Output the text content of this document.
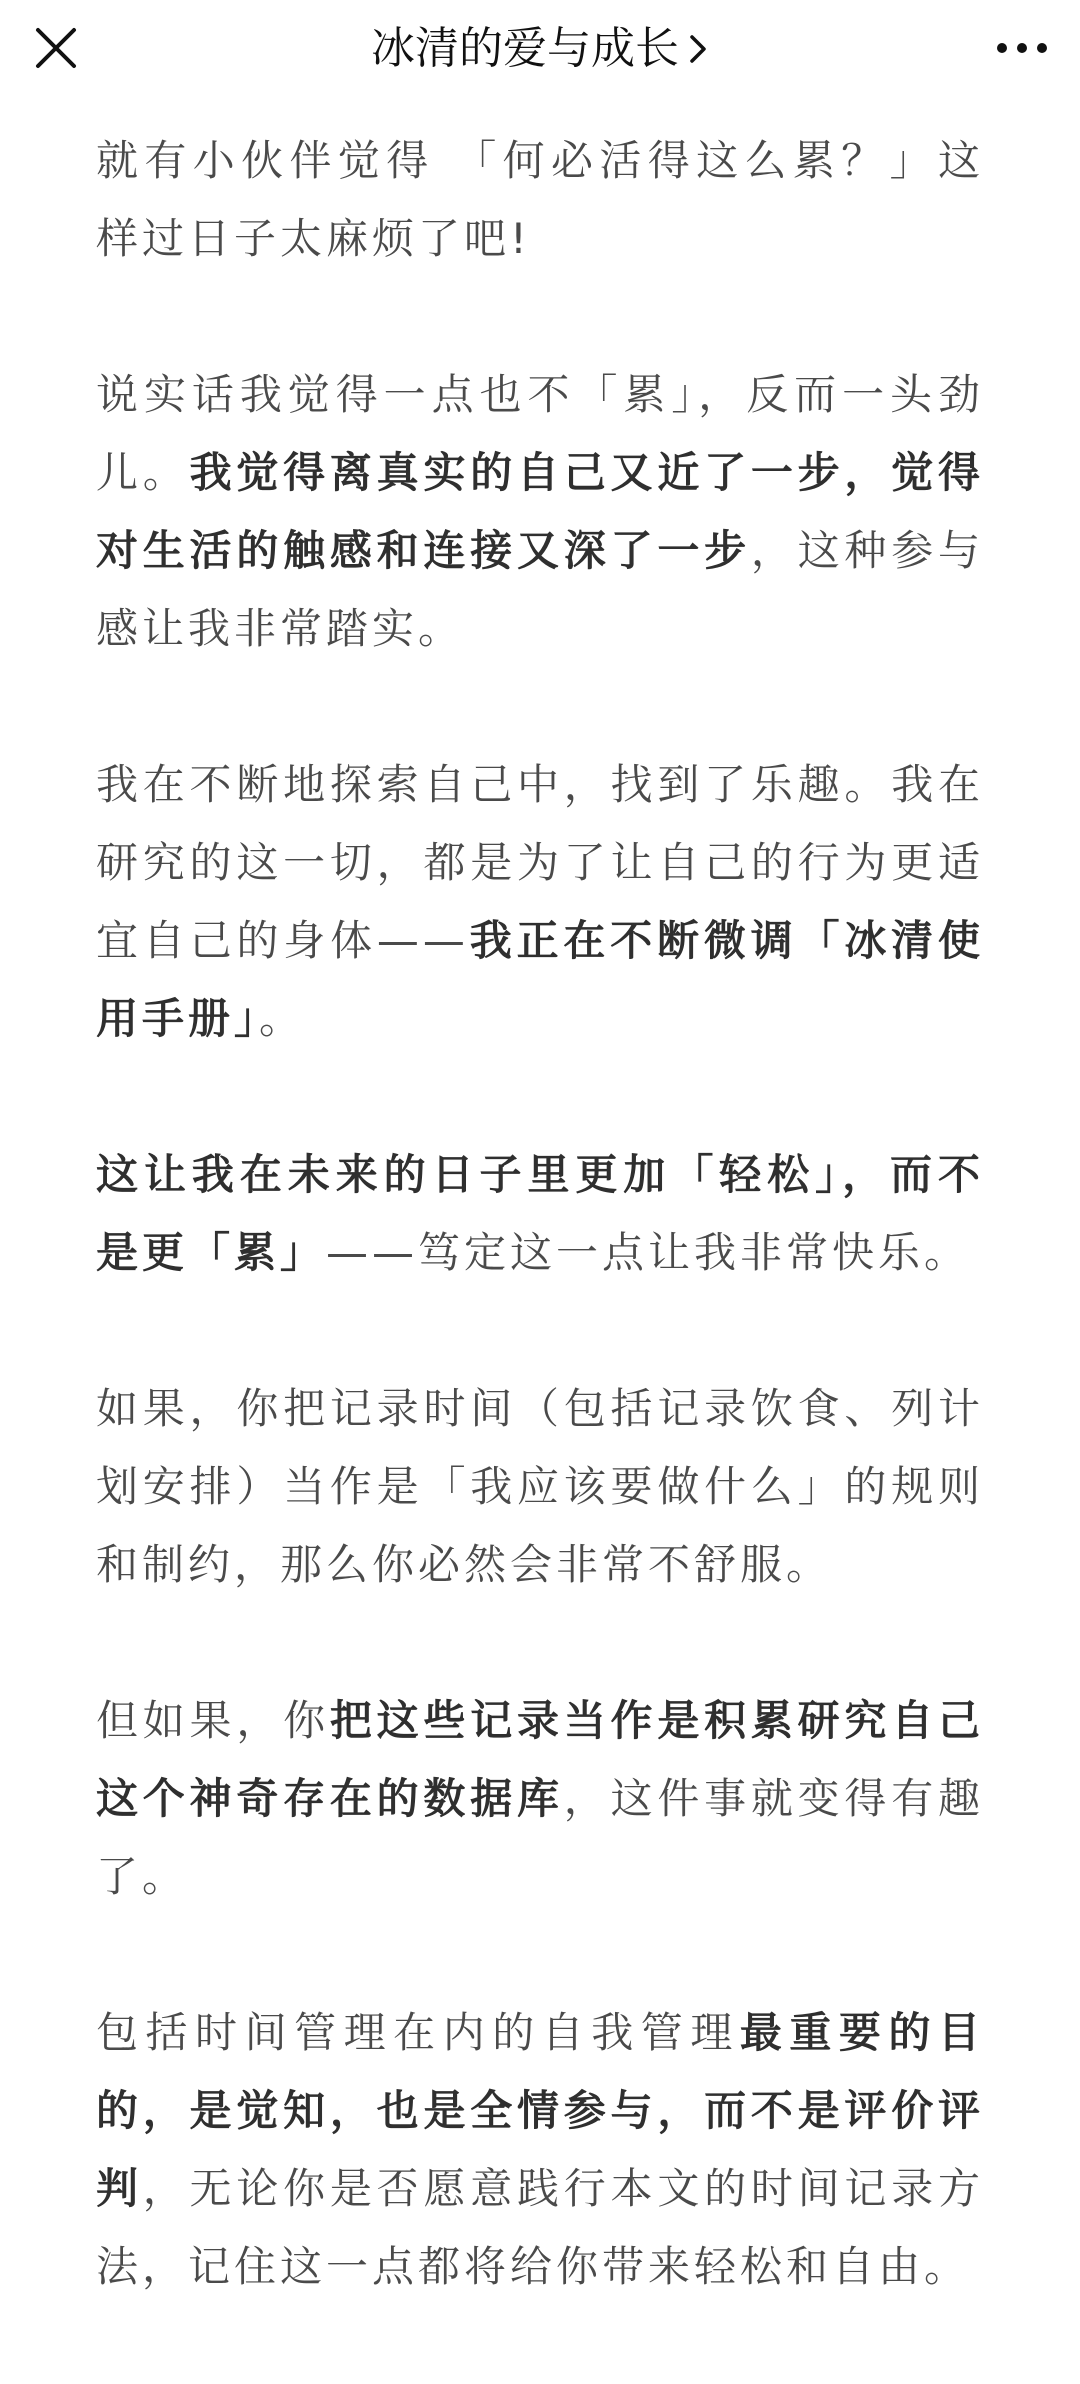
冰清的爱与成长

就有小伙伴觉得 「何必活得这么累？」这样过日子太麻烦了吧!

说实话我觉得一点也不「累」，反而一头劲儿。我觉得离真实的自己又近了一步，觉得对生活的触感和连接又深了一步，这种参与感让我非常踏实。

我在不断地探索自己中，找到了乐趣。我在研究的这一切，都是为了让自己的行为更适宜自己的身体——我正在不断微调「冰清使用手册」。

这让我在未来的日子里更加「轻松」，而不是更「累」——笃定这一点让我非常快乐。

如果，你把记录时间（包括记录饮食、列计划安排）当作是「我应该要做什么」的规则和制约，那么你必然会非常不舒服。

但如果，你把这些记录当作是积累研究自己这个神奇存在的数据库，这件事就变得有趣了。

包括时间管理在内的自我管理最重要的目的，是觉知，也是全情参与，而不是评价评判，无论你是否愿意践行本文的时间记录方法，记住这一点都将给你带来轻松和自由。
